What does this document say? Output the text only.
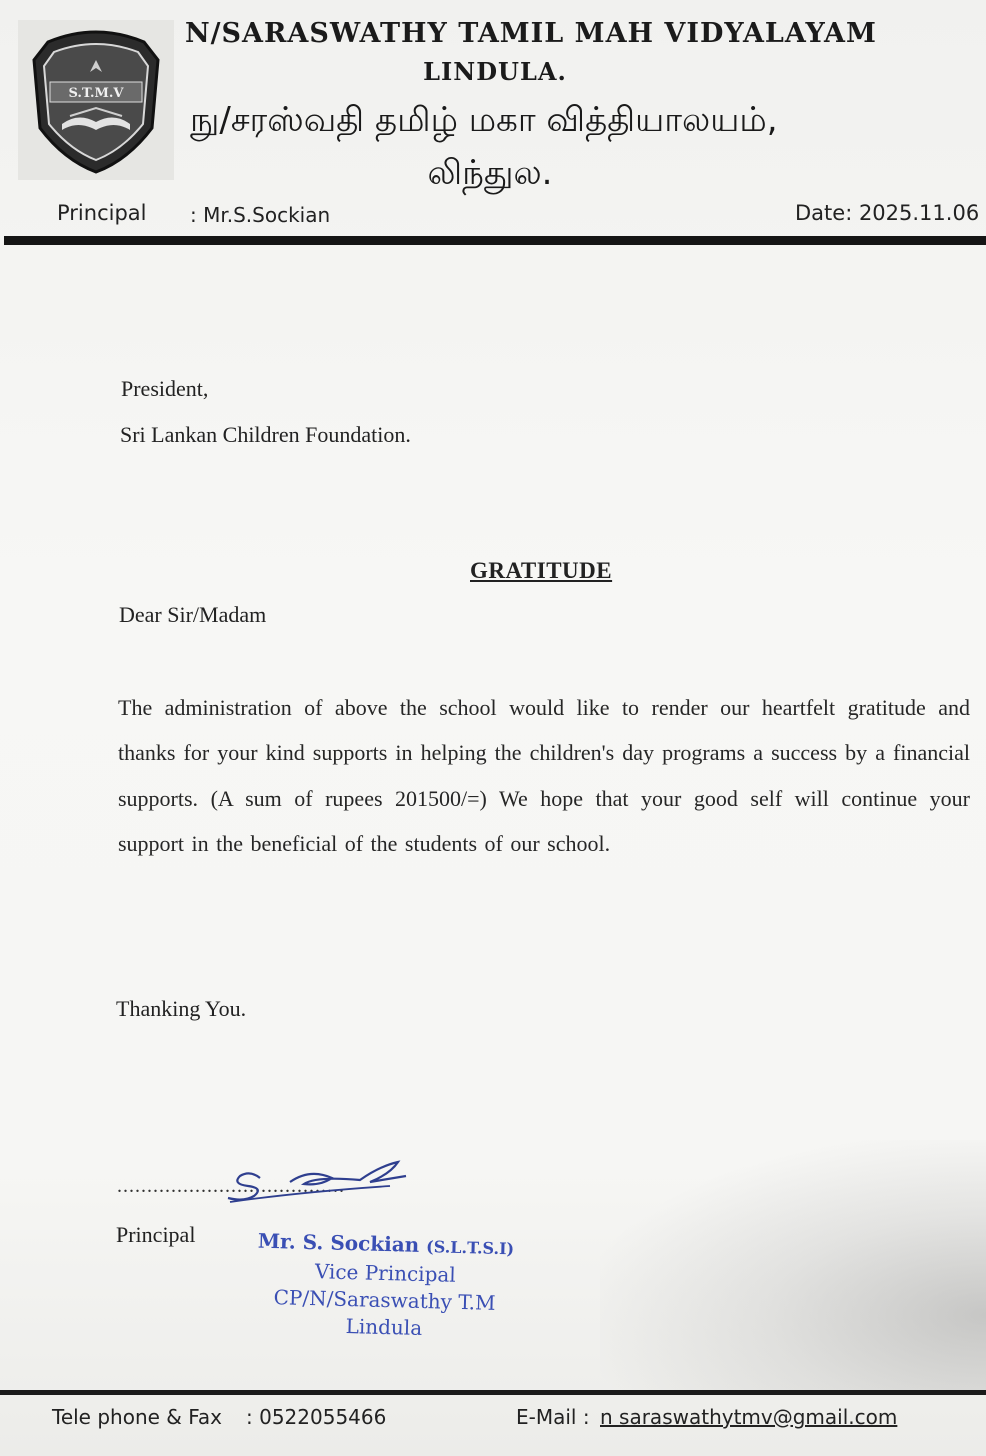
S.T.M.V
N/SARASWATHY TAMIL MAH VIDYALAYAM
LINDULA.
நு/சரஸ்வதி தமிழ் மகா வித்தியாலயம்,
லிந்துல.
Principal : Mr.S.Sockian	Date: 2025.11.06
President,
Sri Lankan Children Foundation.
GRATITUDE
Dear Sir/Madam
The administration of above the school would like to render our heartfelt gratitude and thanks for your kind supports in helping the children's day programs a success by a financial supports. (A sum of rupees 201500/=) We hope that your good self will continue your support in the beneficial of the students of our school.
Thanking You.
......................................
Principal	Mr. S. Sockian (S.L.T.S.I)
Vice Principal
CP/N/Saraswathy T.M
Lindula
Tele phone & Fax : 0522055466	E-Mail : n saraswathytmv@gmail.com
